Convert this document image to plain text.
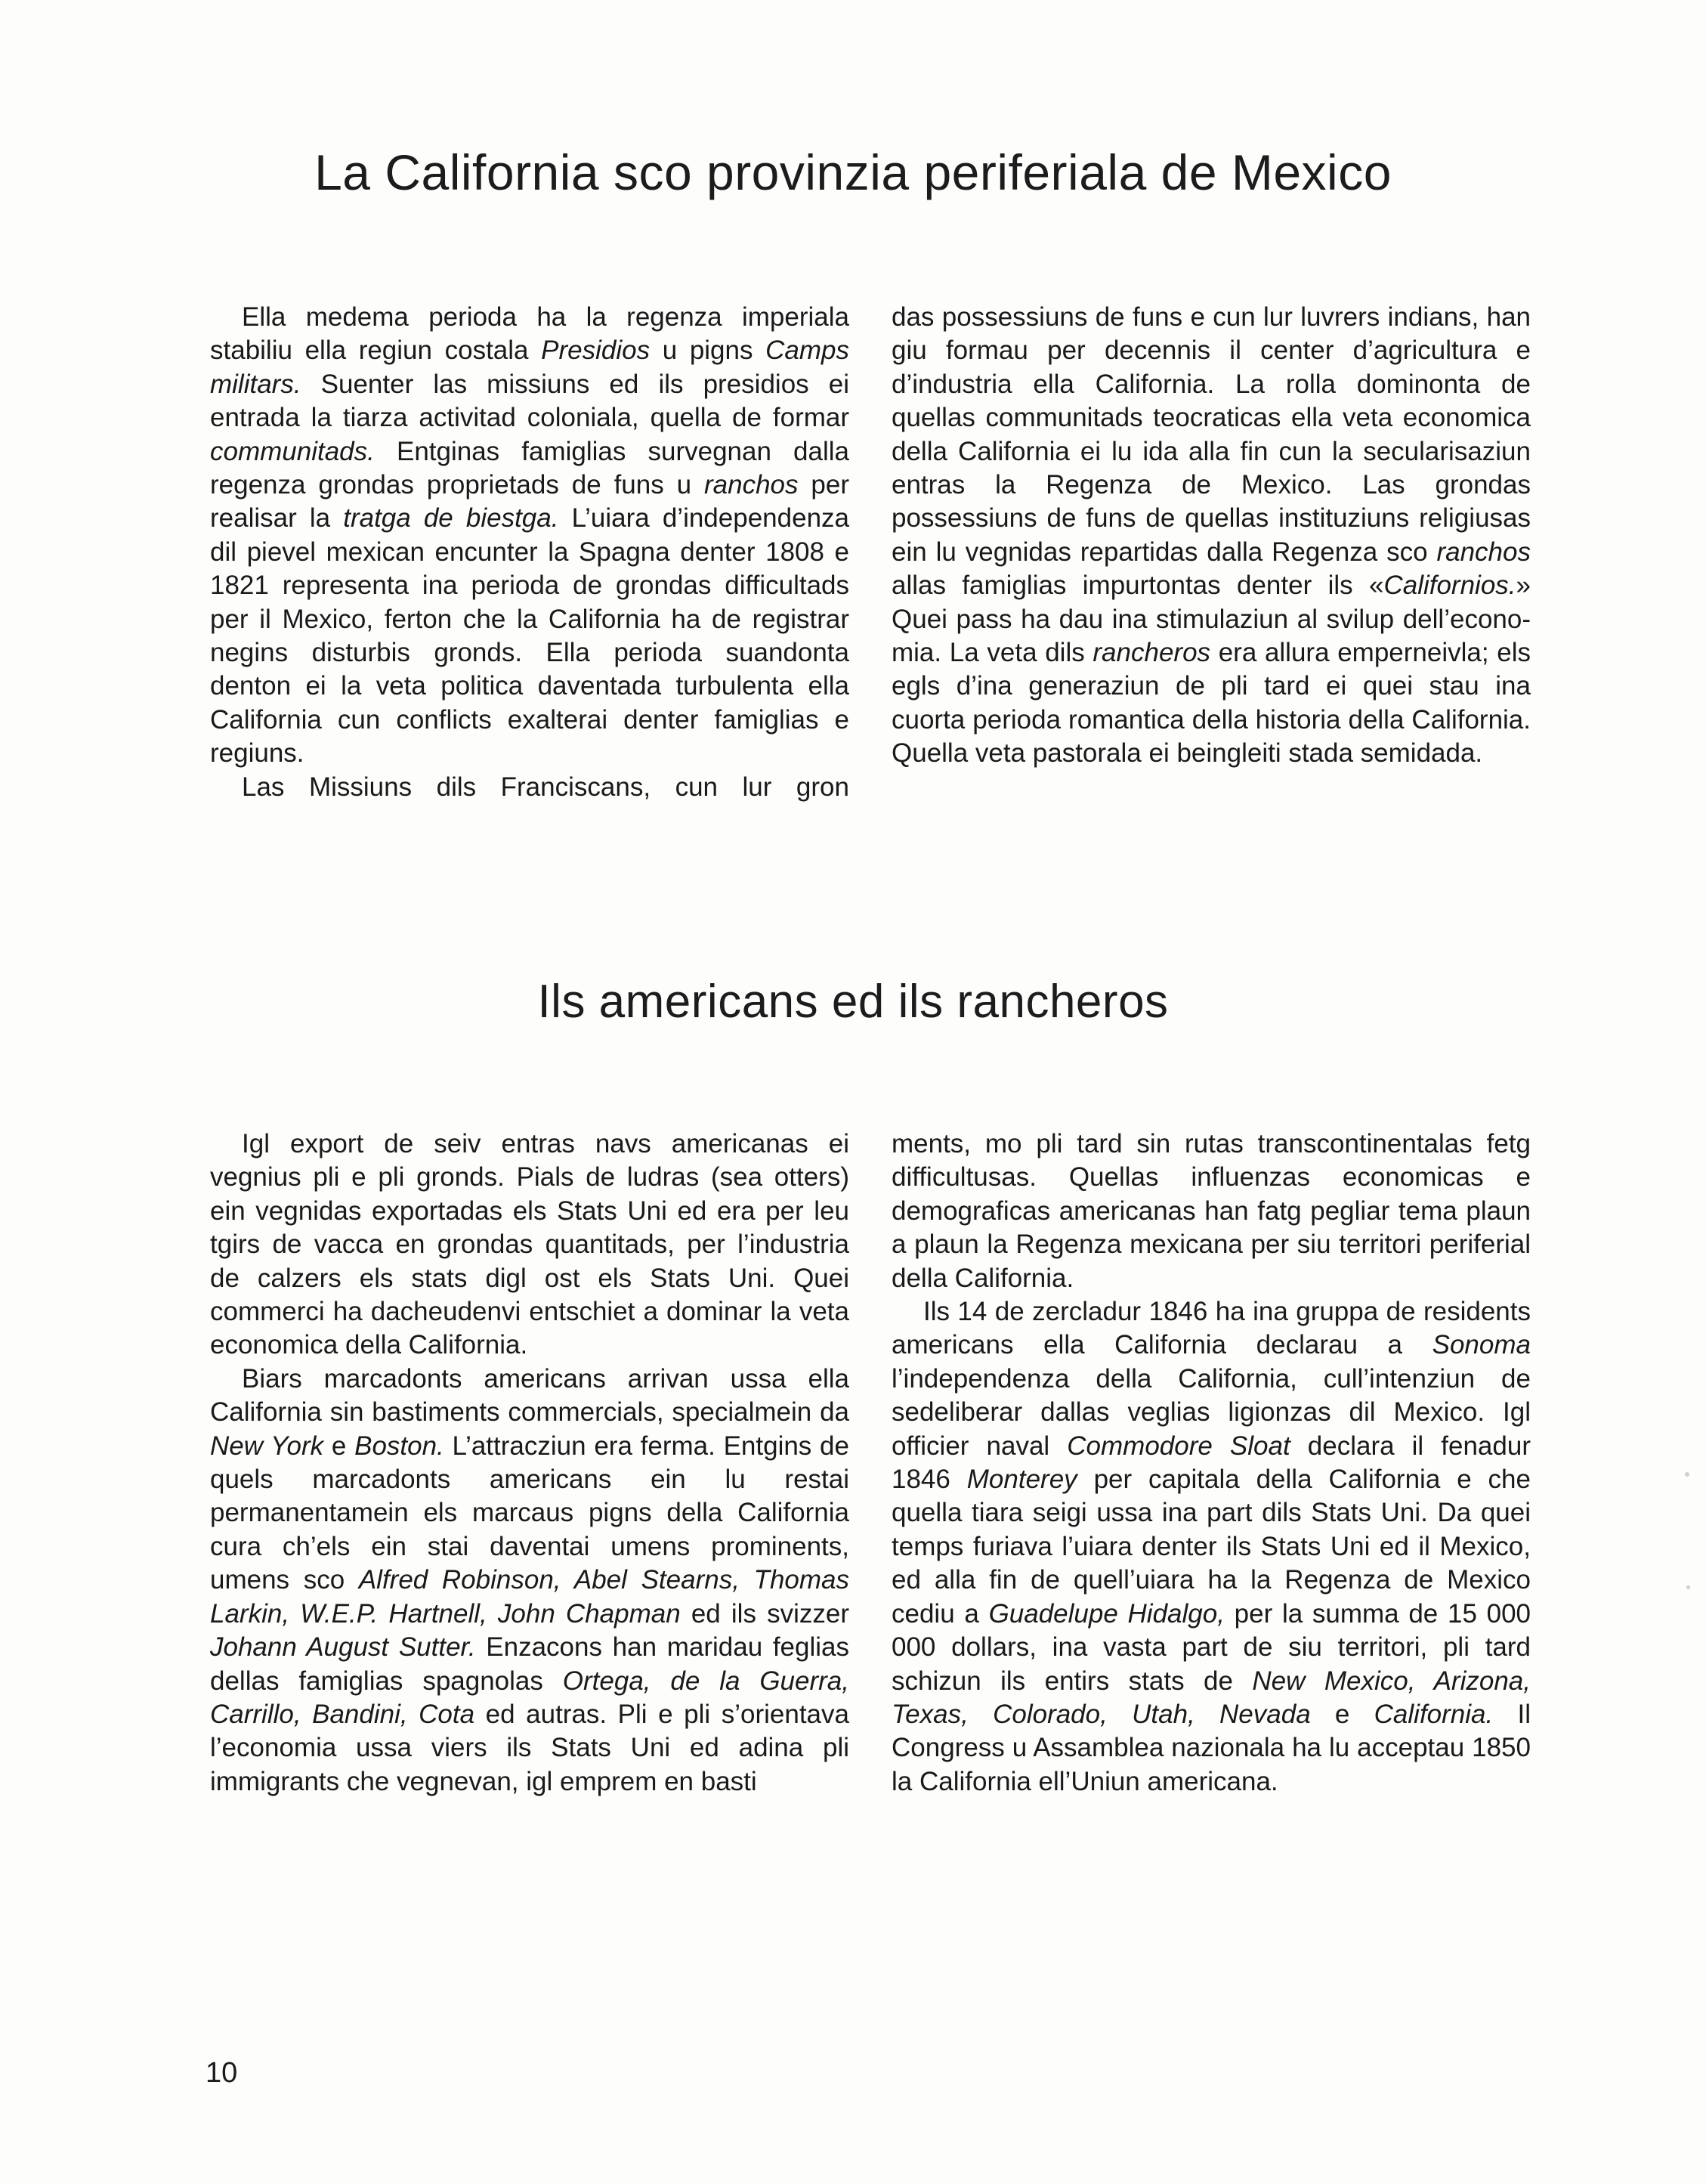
La California sco provinzia periferiala de Mexico

Ella medema perioda ha la regenza imperiala stabiliu ella regiun costala Presidios u pigns Camps militars. Suenter las missiuns ed ils presidios ei entrada la tiarza activitad coloniala, quella de formar communitads. Entginas famiglias survegnan dalla regenza grondas proprietads de funs u ranchos per realisar la tratga de biestga. L’uiara d’independenza dil pievel mexican encunter la Spagna denter 1808 e 1821 representa ina perioda de grondas difficultads per il Mexico, ferton che la California ha de registrar negins disturbis gronds. Ella perioda suandonta denton ei la veta politica daventada turbulenta ella California cun conflicts exalterai denter famiglias e regiuns.

Las Missiuns dils Franciscans, cun lur gron

das possessiuns de funs e cun lur luvrers indians, han giu formau per decennis il center d’agricultura e d’industria ella California. La rolla dominonta de quellas communitads teocraticas ella veta economica della California ei lu ida alla fin cun la secularisaziun entras la Regenza de Mexico. Las grondas possessiuns de funs de quellas instituziuns religiusas ein lu vegnidas repartidas dalla Regenza sco ranchos allas famiglias impurtontas denter ils «Californios.» Quei pass ha dau ina stimulaziun al svilup dell’economia. La veta dils rancheros era allura emperneіvla; els egls d’ina generaziun de pli tard ei quei stau ina cuorta perioda romantica della historia della California. Quella veta pastorala ei beingleiti stada semidada.

Ils americans ed ils rancheros

Igl export de seiv entras navs americanas ei vegnius pli e pli gronds. Pials de ludras (sea otters) ein vegnidas exportadas els Stats Uni ed era per leu tgirs de vacca en grondas quantitads, per l’industria de calzers els stats digl ost els Stats Uni. Quei commerci ha dacheudenvi entschiet a dominar la veta economica della California.

Biars marcadonts americans arrivan ussa ella California sin bastiments commercials, specialmein da New York e Boston. L’attracziun era ferma. Entgins de quels marcadonts americans ein lu restai permanentamein els marcaus pigns della California cura ch’els ein stai daventai umens prominents, umens sco Alfred Robinson, Abel Stearns, Thomas Larkin, W.E.P. Hartnell, John Chapman ed ils svizzer Johann August Sutter. Enzacons han maridau feglias dellas famiglias spagnolas Ortega, de la Guerra, Carrillo, Bandini, Cota ed autras. Pli e pli s’orientava l’economia ussa viers ils Stats Uni ed adina pli immigrants che vegnevan, igl emprem en basti

ments, mo pli tard sin rutas transcontinentalas fetg difficultusas. Quellas influenzas economicas e demograficas americanas han fatg pegliar tema plaun a plaun la Regenza mexicana per siu territori periferial della California.

Ils 14 de zercladur 1846 ha ina gruppa de residents americans ella California declarau a Sonoma l’independenza della California, cull’intenziun de sedeliberar dallas veglias ligionzas dil Mexico. Igl officier naval Commodore Sloat declara il fenadur 1846 Monterey per capitala della California e che quella tiara seigi ussa ina part dils Stats Uni. Da quei temps furiava l’uiara denter ils Stats Uni ed il Mexico, ed alla fin de quell’uiara ha la Regenza de Mexico cediu a Guadelupe Hidalgo, per la summa de 15 000 000 dollars, ina vasta part de siu territori, pli tard schizun ils entirs stats de New Mexico, Arizona, Texas, Colorado, Utah, Nevada e California. Il Congress u Assamblea nazionala ha lu acceptau 1850 la California ell’Uniun americana.

10
